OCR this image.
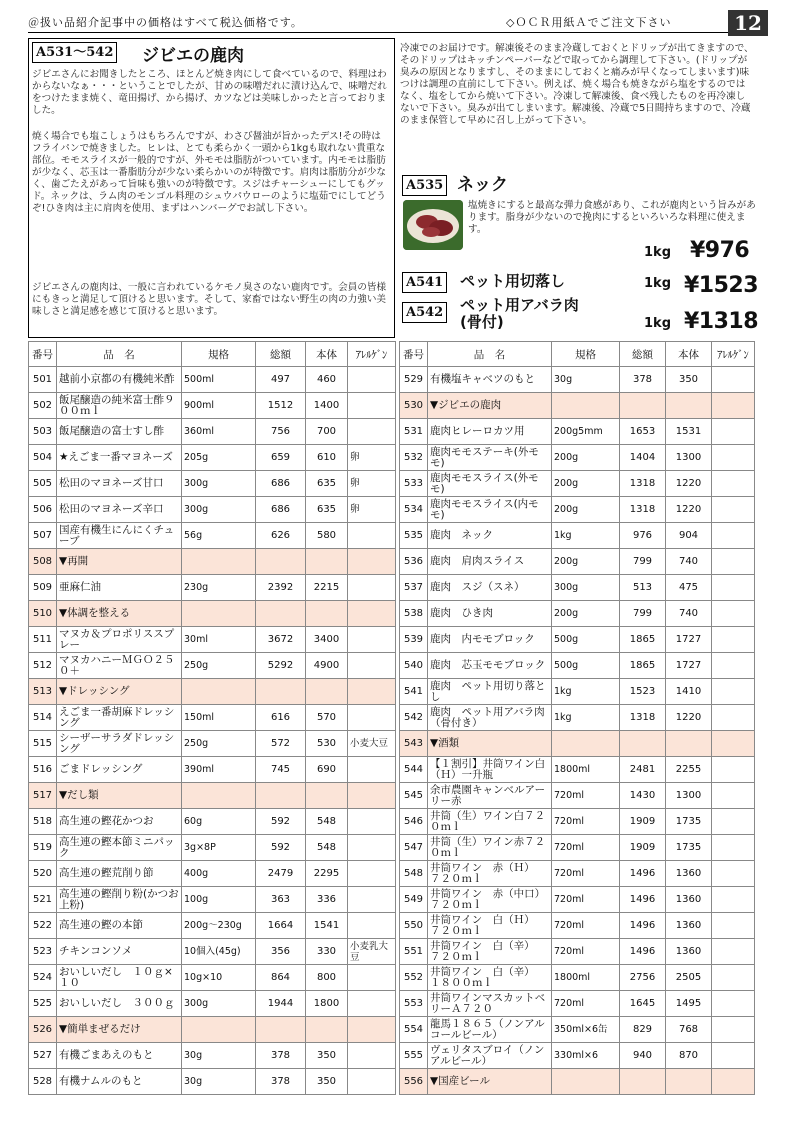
＠扱い品紹介記事中の価格はすべて税込価格です。	◇ＯＣＲ用紙Ａでご注文下さい	12
A531～542 ジビエの鹿肉
ジビエさんにお聞きしたところ、ほとんど焼き肉にして食べているので、料理はわからないなぁ・・・ということでしたが、甘めの味噌だれに漬け込んで、味噌だれをつけたまま焼く、竜田揚げ、から揚げ、カツなどは美味しかったと言っておりました。
焼く場合でも塩こしょうはもちろんですが、わさび醤油が旨かったデス!その時はフライパンで焼きました。ヒレは、とても柔らかく一頭から1kgも取れない貴重な部位。モモスライスが一般的ですが、外モモは脂肪がついています。内モモは脂肪が少なく、芯玉は一番脂肪分が少ない柔らかいのが特徴です。肩肉は脂肪分が少なく、歯ごたえがあって旨味も強いのが特徴です。スジはチャーシューにしてもグッド。ネックは、ラム肉のモンゴル料理のシュウパウローのように塩茹でにしてどうぞ!ひき肉は主に肩肉を使用、まずはハンバーグでお試し下さい。
ジビエさんの鹿肉は、一般に言われているケモノ臭さのない鹿肉です。会員の皆様にもきっと満足して頂けると思います。そして、家畜ではない野生の肉の力強い美味しさと満足感を感じて頂けると思います。
冷凍でのお届けです。解凍後そのまま冷蔵しておくとドリップが出てきますので、そのドリップはキッチンペーパーなどで取ってから調理して下さい。(ドリップが臭みの原因となりますし、そのままにしておくと痛みが早くなってしまいます)味つけは調理の直前にして下さい。例えば、焼く場合も焼きながら塩をするのではなく、塩をしてから焼いて下さい。冷凍して解凍後、食べ残したものを再冷凍しないで下さい。臭みが出てしまいます。解凍後、冷蔵で5日間持ちますので、冷蔵のまま保管して早めに召し上がって下さい。
A535 ネック
塩焼きにすると最高な弾力食感があり、これが鹿肉という旨みがあります。脂身が少ないので挽肉にするといろいろな料理に使えます。
1kg ¥976
A541 ペット用切落し	1kg ¥1523
A542 ペット用アバラ肉
(骨付)	1kg ¥1318
番号	品　名	規格	総額	本体	ｱﾚﾙｹﾞﾝ
501	越前小京都の有機純米酢	500ml	497	460	
502	飯尾醸造の純米富士酢９００ｍｌ	900ml	1512	1400	
503	飯尾醸造の富士すし酢	360ml	756	700	
504	★えごま一番マヨネーズ	205g	659	610	卵
505	松田のマヨネーズ甘口	300g	686	635	卵
506	松田のマヨネーズ辛口	300g	686	635	卵
507	国産有機生にんにくチューブ	56g	626	580	
508	▼再開				
509	亜麻仁油	230g	2392	2215	
510	▼体調を整える				
511	マヌカ＆プロポリススプレー	30ml	3672	3400	
512	マヌカハニーＭＧＯ２５０＋	250g	5292	4900	
513	▼ドレッシング				
514	えごま一番胡麻ドレッシング	150ml	616	570	
515	シーザーサラダドレッシング	250g	572	530	小麦大豆
516	ごまドレッシング	390ml	745	690	
517	▼だし類				
518	高生連の鰹花かつお	60g	592	548	
519	高生連の鰹本節ミニパック	3g×8P	592	548	
520	高生連の鰹荒削り節	400g	2479	2295	
521	高生連の鰹削り粉(かつお上粉)	100g	363	336	
522	高生連の鰹の本節	200g～230g	1664	1541	
523	チキンコンソメ	10個入(45g)	356	330	小麦乳大豆
524	おいしいだし　１０ｇ×１０	10g×10	864	800	
525	おいしいだし　３００ｇ	300g	1944	1800	
526	▼簡単まぜるだけ				
527	有機ごまあえのもと	30g	378	350	
528	有機ナムルのもと	30g	378	350	
番号	品　名	規格	総額	本体	ｱﾚﾙｹﾞﾝ
529	有機塩キャベツのもと	30g	378	350	
530	▼ジビエの鹿肉				
531	鹿肉ヒレーロカツ用	200g5mm	1653	1531	
532	鹿肉モモステーキ(外モモ)	200g	1404	1300	
533	鹿肉モモスライス(外モモ)	200g	1318	1220	
534	鹿肉モモスライス(内モモ)	200g	1318	1220	
535	鹿肉　ネック	1kg	976	904	
536	鹿肉　肩肉スライス	200g	799	740	
537	鹿肉　スジ（スネ）	300g	513	475	
538	鹿肉　ひき肉	200g	799	740	
539	鹿肉　内モモブロック	500g	1865	1727	
540	鹿肉　芯玉モモブロック	500g	1865	1727	
541	鹿肉　ペット用切り落とし	1kg	1523	1410	
542	鹿肉　ペット用アバラ肉（骨付き）	1kg	1318	1220	
543	▼酒類				
544	【１割引】井筒ワイン白（Ｈ）一升瓶	1800ml	2481	2255	
545	余市農園キャンベルアーリー赤	720ml	1430	1300	
546	井筒（生）ワイン白７２０ｍｌ	720ml	1909	1735	
547	井筒（生）ワイン赤７２０ｍｌ	720ml	1909	1735	
548	井筒ワイン　赤（Ｈ）　７２０ｍｌ	720ml	1496	1360	
549	井筒ワイン　赤（中口）　７２０ｍｌ	720ml	1496	1360	
550	井筒ワイン　白（Ｈ）　７２０ｍｌ	720ml	1496	1360	
551	井筒ワイン　白（辛）　７２０ｍｌ	720ml	1496	1360	
552	井筒ワイン　白（辛）　１８００ｍｌ	1800ml	2756	2505	
553	井筒ワインマスカットベリーＡ７２０	720ml	1645	1495	
554	龍馬１８６５（ノンアルコールビール）	350ml×6缶	829	768	
555	ヴェリタスブロイ（ノンアルビール）	330ml×6	940	870	
556	▼国産ビール				
